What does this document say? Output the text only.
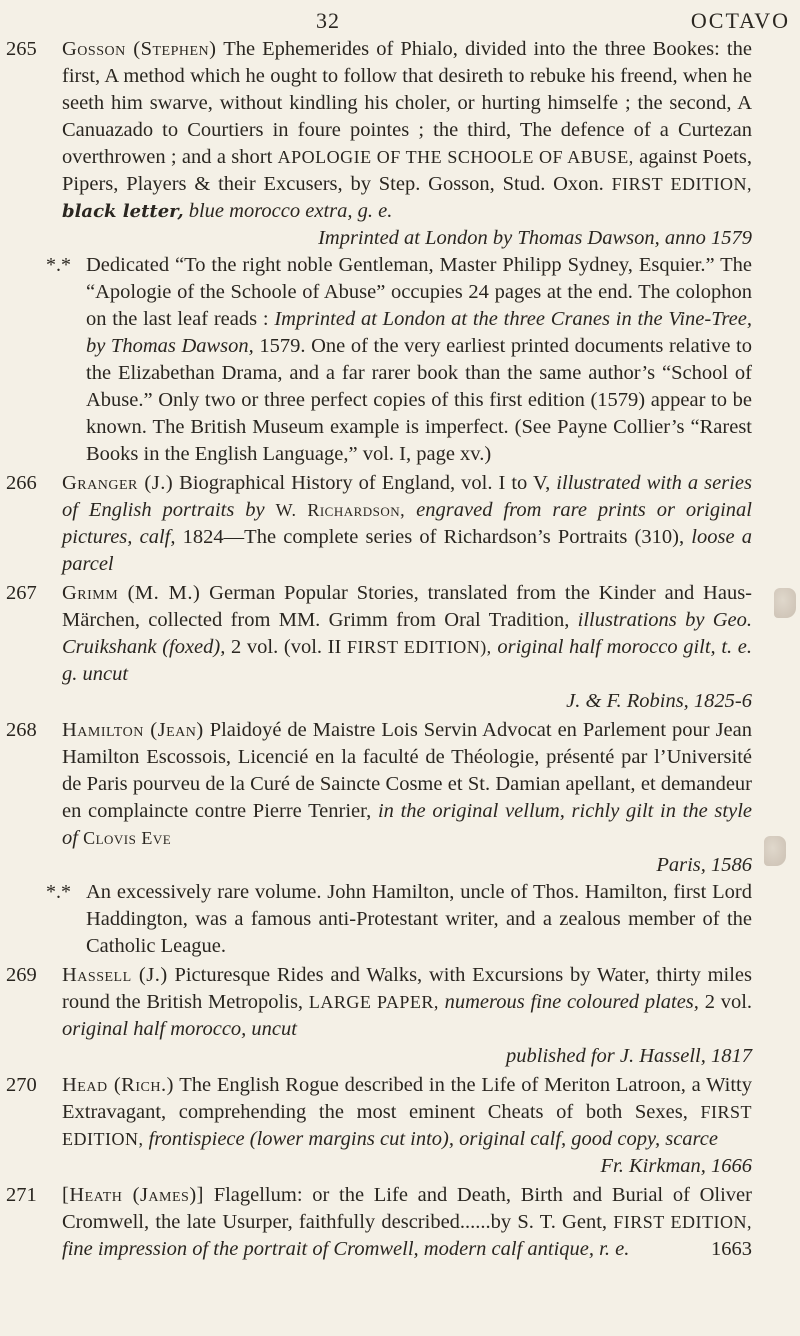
32	OCTAVO
265	Gosson (Stephen) The Ephemerides of Phialo, divided into the three Bookes: the first, A method which he ought to follow that desireth to rebuke his freend, when he seeth him swarve, without kindling his choler, or hurting himselfe ; the second, A Canuazado to Courtiers in foure pointes ; the third, The defence of a Curtezan overthrowen ; and a short APOLOGIE OF THE SCHOOLE OF ABUSE, against Poets, Pipers, Players & their Excusers, by Step. Gosson, Stud. Oxon. FIRST EDITION, black letter, blue morocco extra, g. e.
Imprinted at London by Thomas Dawson, anno 1579
*.* Dedicated “To the right noble Gentleman, Master Philipp Sydney, Esquier.” The “Apologie of the Schoole of Abuse” occupies 24 pages at the end. The colophon on the last leaf reads : Imprinted at London at the three Cranes in the Vine-Tree, by Thomas Dawson, 1579. One of the very earliest printed documents relative to the Elizabethan Drama, and a far rarer book than the same author’s “School of Abuse.” Only two or three perfect copies of this first edition (1579) appear to be known. The British Museum example is imperfect. (See Payne Collier’s “Rarest Books in the English Language,” vol. I, page xv.)
266	Granger (J.) Biographical History of England, vol. I to V, illustrated with a series of English portraits by W. Richardson, engraved from rare prints or original pictures, calf, 1824—The complete series of Richardson’s Portraits (310), loose a parcel
267	Grimm (M. M.) German Popular Stories, translated from the Kinder and Haus-Märchen, collected from MM. Grimm from Oral Tradition, illustrations by Geo. Cruikshank (foxed), 2 vol. (vol. II FIRST EDITION), original half morocco gilt, t. e. g. uncut
J. & F. Robins, 1825-6
268	Hamilton (Jean) Plaidoyé de Maistre Lois Servin Advocat en Parlement pour Jean Hamilton Escossois, Licencié en la faculté de Théologie, présenté par l’Université de Paris pourveu de la Curé de Saincte Cosme et St. Damian apellant, et demandeur en complaincte contre Pierre Tenrier, in the original vellum, richly gilt in the style of Clovis Eve
Paris, 1586
*.* An excessively rare volume. John Hamilton, uncle of Thos. Hamilton, first Lord Haddington, was a famous anti-Protestant writer, and a zealous member of the Catholic League.
269	Hassell (J.) Picturesque Rides and Walks, with Excursions by Water, thirty miles round the British Metropolis, LARGE PAPER, numerous fine coloured plates, 2 vol. original half morocco, uncut
published for J. Hassell, 1817
270	Head (Rich.) The English Rogue described in the Life of Meriton Latroon, a Witty Extravagant, comprehending the most eminent Cheats of both Sexes, FIRST EDITION, frontispiece (lower margins cut into), original calf, good copy, scarce
Fr. Kirkman, 1666
271	[Heath (James)] Flagellum: or the Life and Death, Birth and Burial of Oliver Cromwell, the late Usurper, faithfully described......by S. T. Gent, FIRST EDITION, fine impression of the portrait of Cromwell, modern calf antique, r. e.	1663
